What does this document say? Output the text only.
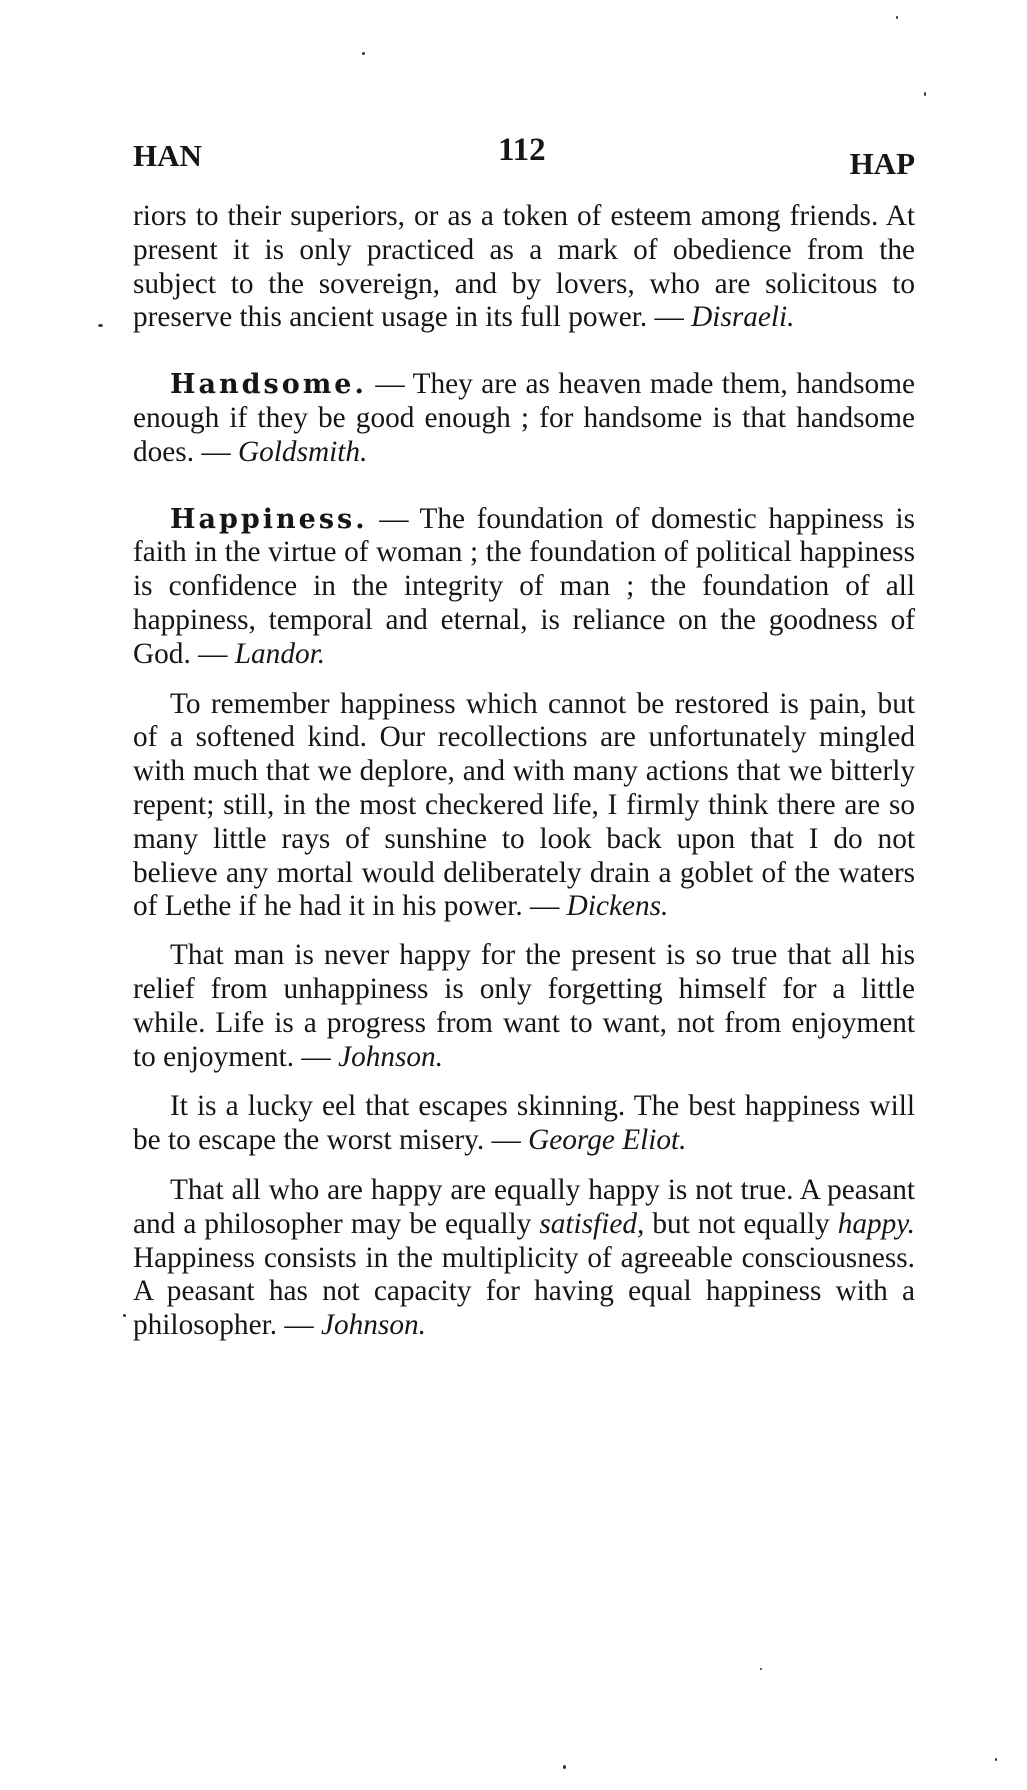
HAN	112	HAP

riors to their superiors, or as a token of esteem among friends. At present it is only practiced as a mark of obedience from the subject to the sovereign, and by lovers, who are solicitous to preserve this ancient usage in its full power. — Disraeli.

Handsome. — They are as heaven made them, handsome enough if they be good enough ; for handsome is that handsome does. — Goldsmith.

Happiness. — The foundation of domestic happiness is faith in the virtue of woman ; the foundation of political happiness is confidence in the integrity of man ; the foundation of all happiness, temporal and eternal, is reliance on the goodness of God. — Landor.

To remember happiness which cannot be restored is pain, but of a softened kind. Our recollections are unfortunately mingled with much that we deplore, and with many actions that we bitterly repent; still, in the most checkered life, I firmly think there are so many little rays of sunshine to look back upon that I do not believe any mortal would deliberately drain a goblet of the waters of Lethe if he had it in his power. — Dickens.

That man is never happy for the present is so true that all his relief from unhappiness is only forgetting himself for a little while. Life is a progress from want to want, not from enjoyment to enjoyment. — Johnson.

It is a lucky eel that escapes skinning. The best happiness will be to escape the worst misery. — George Eliot.

That all who are happy are equally happy is not true. A peasant and a philosopher may be equally satisfied, but not equally happy. Happiness consists in the multiplicity of agreeable consciousness. A peasant has not capacity for having equal happiness with a philosopher. — Johnson.
